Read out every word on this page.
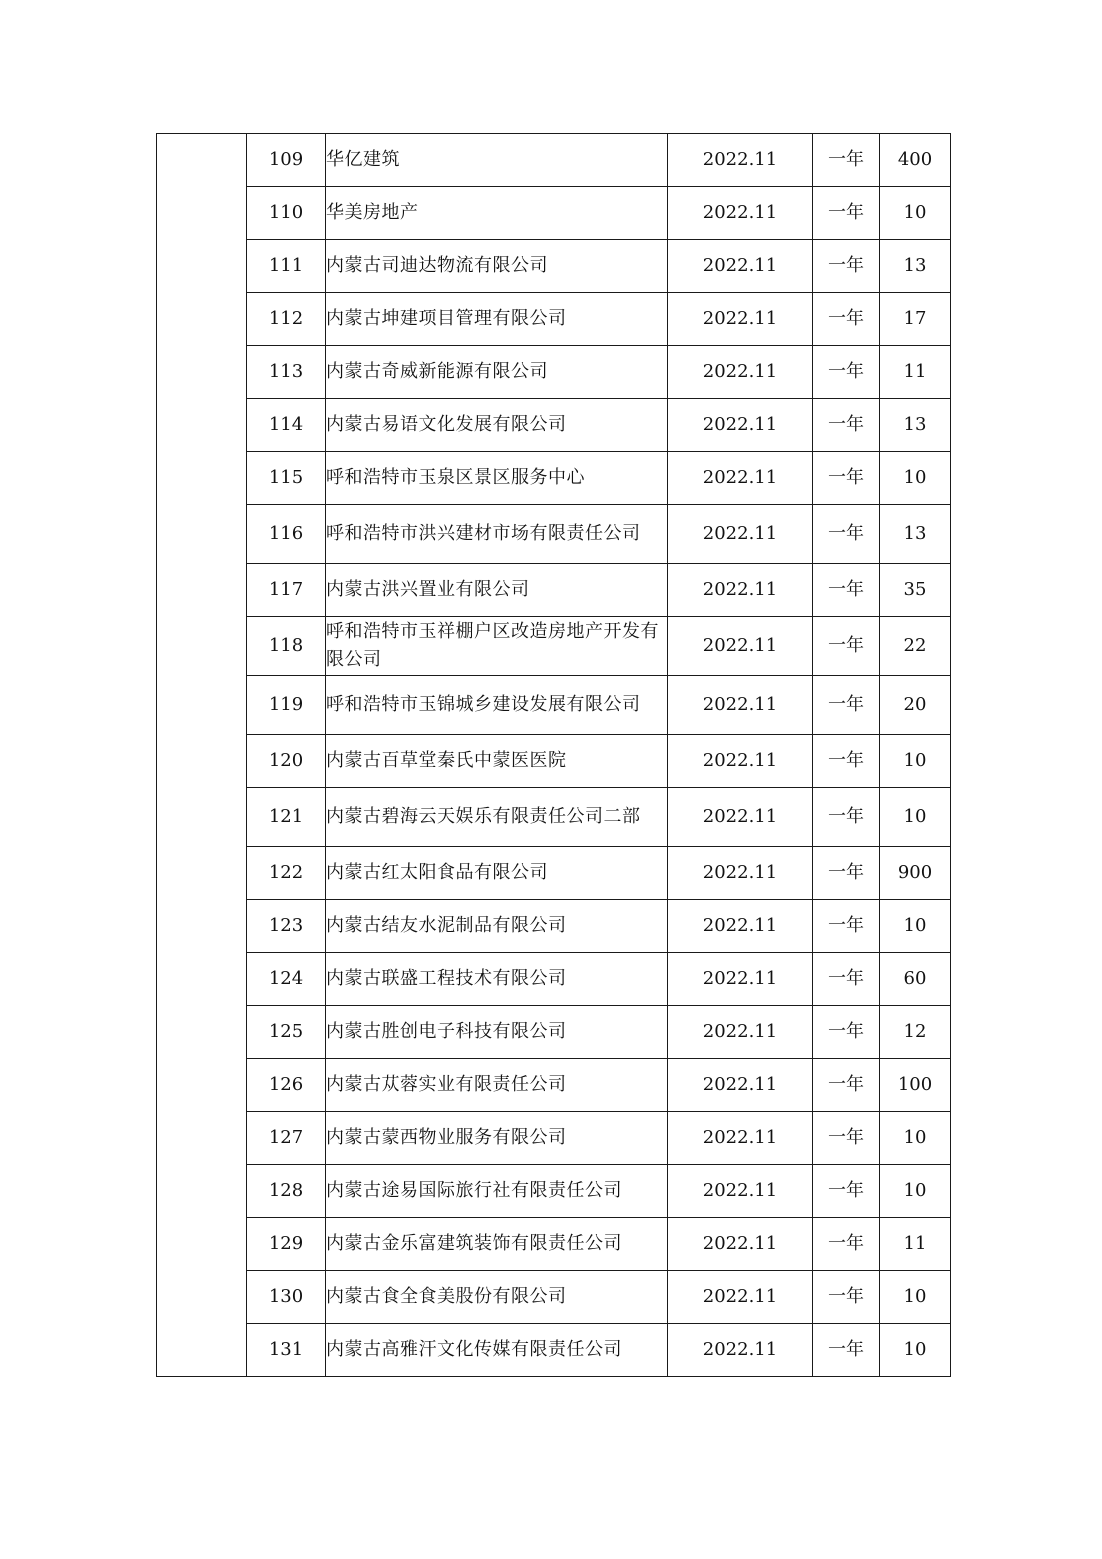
	109	华亿建筑	2022.11	一年	400
	110	华美房地产	2022.11	一年	10
	111	内蒙古司迪达物流有限公司	2022.11	一年	13
	112	内蒙古坤建项目管理有限公司	2022.11	一年	17
	113	内蒙古奇威新能源有限公司	2022.11	一年	11
	114	内蒙古易语文化发展有限公司	2022.11	一年	13
	115	呼和浩特市玉泉区景区服务中心	2022.11	一年	10
	116	呼和浩特市洪兴建材市场有限责任公司	2022.11	一年	13
	117	内蒙古洪兴置业有限公司	2022.11	一年	35
	118	呼和浩特市玉祥棚户区改造房地产开发有限公司	2022.11	一年	22
	119	呼和浩特市玉锦城乡建设发展有限公司	2022.11	一年	20
	120	内蒙古百草堂秦氏中蒙医医院	2022.11	一年	10
	121	内蒙古碧海云天娱乐有限责任公司二部	2022.11	一年	10
	122	内蒙古红太阳食品有限公司	2022.11	一年	900
	123	内蒙古结友水泥制品有限公司	2022.11	一年	10
	124	内蒙古联盛工程技术有限公司	2022.11	一年	60
	125	内蒙古胜创电子科技有限公司	2022.11	一年	12
	126	内蒙古苁蓉实业有限责任公司	2022.11	一年	100
	127	内蒙古蒙西物业服务有限公司	2022.11	一年	10
	128	内蒙古途易国际旅行社有限责任公司	2022.11	一年	10
	129	内蒙古金乐富建筑装饰有限责任公司	2022.11	一年	11
	130	内蒙古食全食美股份有限公司	2022.11	一年	10
	131	内蒙古高雅汗文化传媒有限责任公司	2022.11	一年	10
